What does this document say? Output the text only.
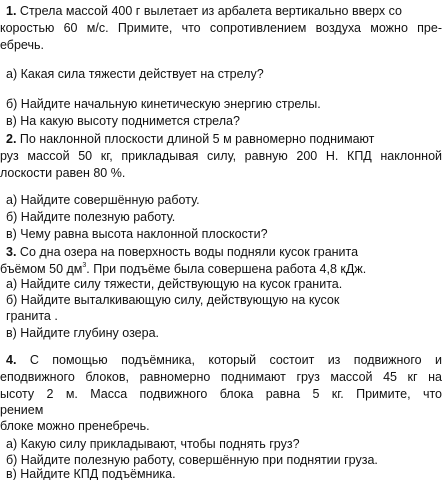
1. Стрела массой 400 г вылетает из арбалета вертикально вверх со
коростью 60 м/с. Примите, что сопротивлением воздуха можно пре-
ебречь.
а) Какая сила тяжести действует на стрелу?
б) Найдите начальную кинетическую энергию стрелы.
в) На какую высоту поднимется стрела?
2. По наклонной плоскости длиной 5 м равномерно поднимают
руз массой 50 кг, прикладывая силу, равную 200 Н. КПД наклонной
лоскости равен 80 %.
а) Найдите совершённую работу.
б) Найдите полезную работу.
в) Чему равна высота наклонной плоскости?
3. Со дна озера на поверхность воды подняли кусок гранита
бъёмом 50 $дм^3$. При подъёме была совершена работа 4,8 кДж.
а) Найдите силу тяжести, действующую на кусок гранита.
б) Найдите выталкивающую силу, действующую на кусок
гранита .
в) Найдите глубину озера.
4. С помощью подъёмника, который состоит из подвижного и
еподвижного блоков, равномерно поднимают груз массой 45 кг на
ысоту 2 м. Масса подвижного блока равна 5 кг. Примите, что
рением
блоке можно пренебречь.
а) Какую силу прикладывают, чтобы поднять груз?
б) Найдите полезную работу, совершённую при поднятии груза.
в) Найдите КПД подъёмника.
